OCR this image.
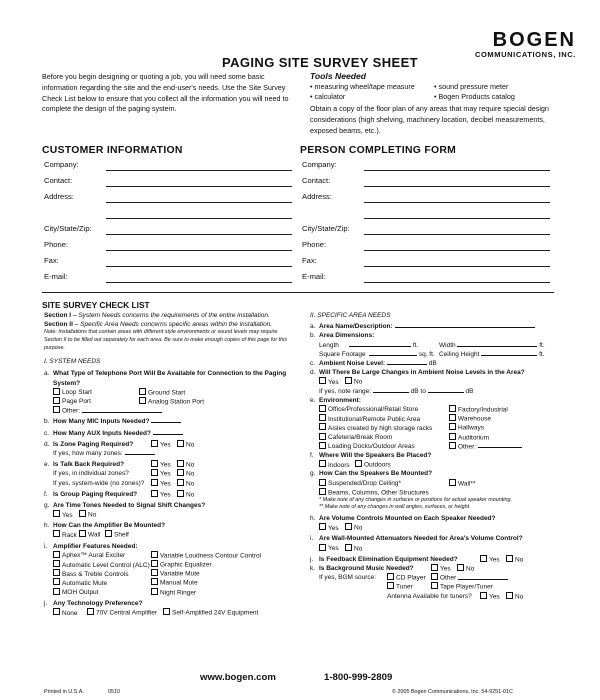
BOGEN
COMMUNICATIONS, INC.
PAGING SITE SURVEY SHEET
Before you begin designing or quoting a job, you will need some basic information regarding the site and the end-user's needs. Use the Site Survey Check List below to ensure that you collect all the information you will need to complete the design of the paging system.
Tools Needed
• measuring wheel/tape measure
• calculator
• sound pressure meter
• Bogen Products catalog
Obtain a copy of the floor plan of any areas that may require special design considerations (high shelving, machinery location, decibel measurements, exposed beams, etc.).
CUSTOMER INFORMATION	PERSON COMPLETING FORM
Company:
Contact:
Address:
City/State/Zip:
Phone:
Fax:
E-mail:
Company:
Contact:
Address:
City/State/Zip:
Phone:
Fax:
E-mail:
SITE SURVEY CHECK LIST
Section I – System Needs concerns the requirements of the entire installation.
Section II – Specific Area Needs concerns specific areas within the installation.
Note: Installations that contain areas with different style environments or sound levels may require Section II to be filled out separately for each area. Be sure to make enough copies of this page for this purpose.
I. SYSTEM NEEDS
a. What Type of Telephone Port Will Be Available for Connection to the Paging System?
Loop Start	Ground Start
Page Port	Analog Station Port
Other:
b. How Many MIC Inputs Needed?
c. How Many AUX Inputs Needed?
d. Is Zone Paging Required?	Yes	No
If yes, how many zones:
e. Is Talk Back Required?	Yes	No
If yes, in individual zones?	Yes	No
If yes, system-wide (no zones)?	Yes	No
f. Is Group Paging Required?	Yes	No
g. Are Time Tones Needed to Signal Shift Changes?
Yes	No
h. How Can the Amplifier Be Mounted?
Rack	Wall	Shelf
i. Amplifier Features Needed:
Aphex™ Aural Exciter	Variable Loudness Contour Control
Automatic Level Control (ALC)	Graphic Equalizer
Bass & Treble Controls	Variable Mute
Automatic Mute	Manual Mute
MOH Output	Night Ringer
j. Any Technology Preference?
None	70V Central Amplifier	Self-Amplified 24V Equipment
II. SPECIFIC AREA NEEDS
a. Area Name/Description:
b. Area Dimensions:
Length	ft.	Width	ft.
Square Footage	sq. ft. Ceiling Height	ft.
c. Ambient Noise Level:	dB
d. Will There Be Large Changes in Ambient Noise Levels in the Area?
Yes	No
If yes, note range:	dB to	dB
e. Environment:
Office/Professional/Retail Store	Factory/Industrial
Institutional/Remote Public Area	Warehouse
Aisles created by high storage racks	Hallways
Cafeteria/Break Room	Auditorium
Loading Docks/Outdoor Areas	Other:
f. Where Will the Speakers Be Placed?
Indoors	Outdoors
g. How Can the Speakers Be Mounted?
Suspended/Drop Ceiling*	Wall**
Beams, Columns, Other Structures
* Make note of any changes in surfaces or positions for actual speaker mounting.
** Make note of any changes in wall angles, surfaces, or height.
h. Are Volume Controls Mounted on Each Speaker Needed?
Yes	No
i. Are Wall-Mounted Attenuators Needed for Area's Volume Control?
Yes	No
j. Is Feedback Elimination Equipment Needed?	Yes	No
k. Is Background Music Needed?	Yes	No
If yes, BGM source:	CD Player	Other
Tuner	Tape Player/Tuner
Antenna Available for tuners?	Yes	No
www.bogen.com	1-800-999-2809
Printed in U.S.A.	0510	© 2005 Bogen Communications, Inc. 54-9251-01C
